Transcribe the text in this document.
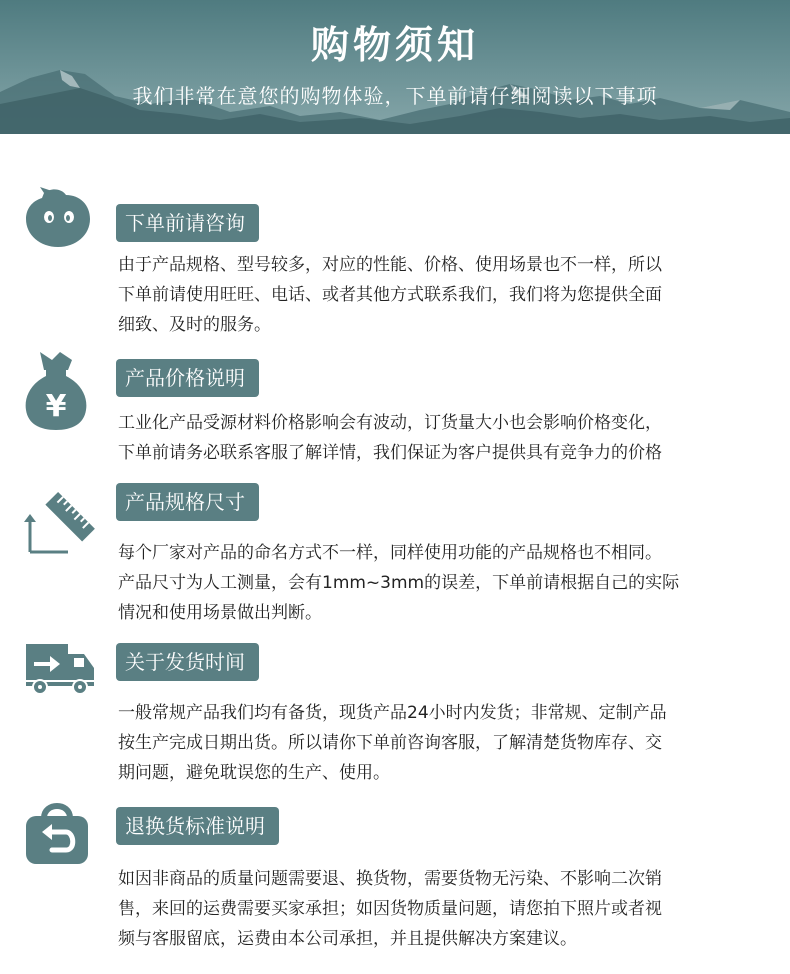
购物须知
我们非常在意您的购物体验，下单前请仔细阅读以下事项
下单前请咨询
由于产品规格、型号较多，对应的性能、价格、使用场景也不一样，所以
下单前请使用旺旺、电话、或者其他方式联系我们，我们将为您提供全面
细致、及时的服务。
¥
产品价格说明
工业化产品受源材料价格影响会有波动，订货量大小也会影响价格变化，
下单前请务必联系客服了解详情，我们保证为客户提供具有竞争力的价格
产品规格尺寸
每个厂家对产品的命名方式不一样，同样使用功能的产品规格也不相同。
产品尺寸为人工测量，会有1mm~3mm的误差，下单前请根据自己的实际
情况和使用场景做出判断。
关于发货时间
一般常规产品我们均有备货，现货产品24小时内发货；非常规、定制产品
按生产完成日期出货。所以请你下单前咨询客服，了解清楚货物库存、交
期问题，避免耽误您的生产、使用。
退换货标准说明
如因非商品的质量问题需要退、换货物，需要货物无污染、不影响二次销
售，来回的运费需要买家承担；如因货物质量问题，请您拍下照片或者视
频与客服留底，运费由本公司承担，并且提供解决方案建议。
